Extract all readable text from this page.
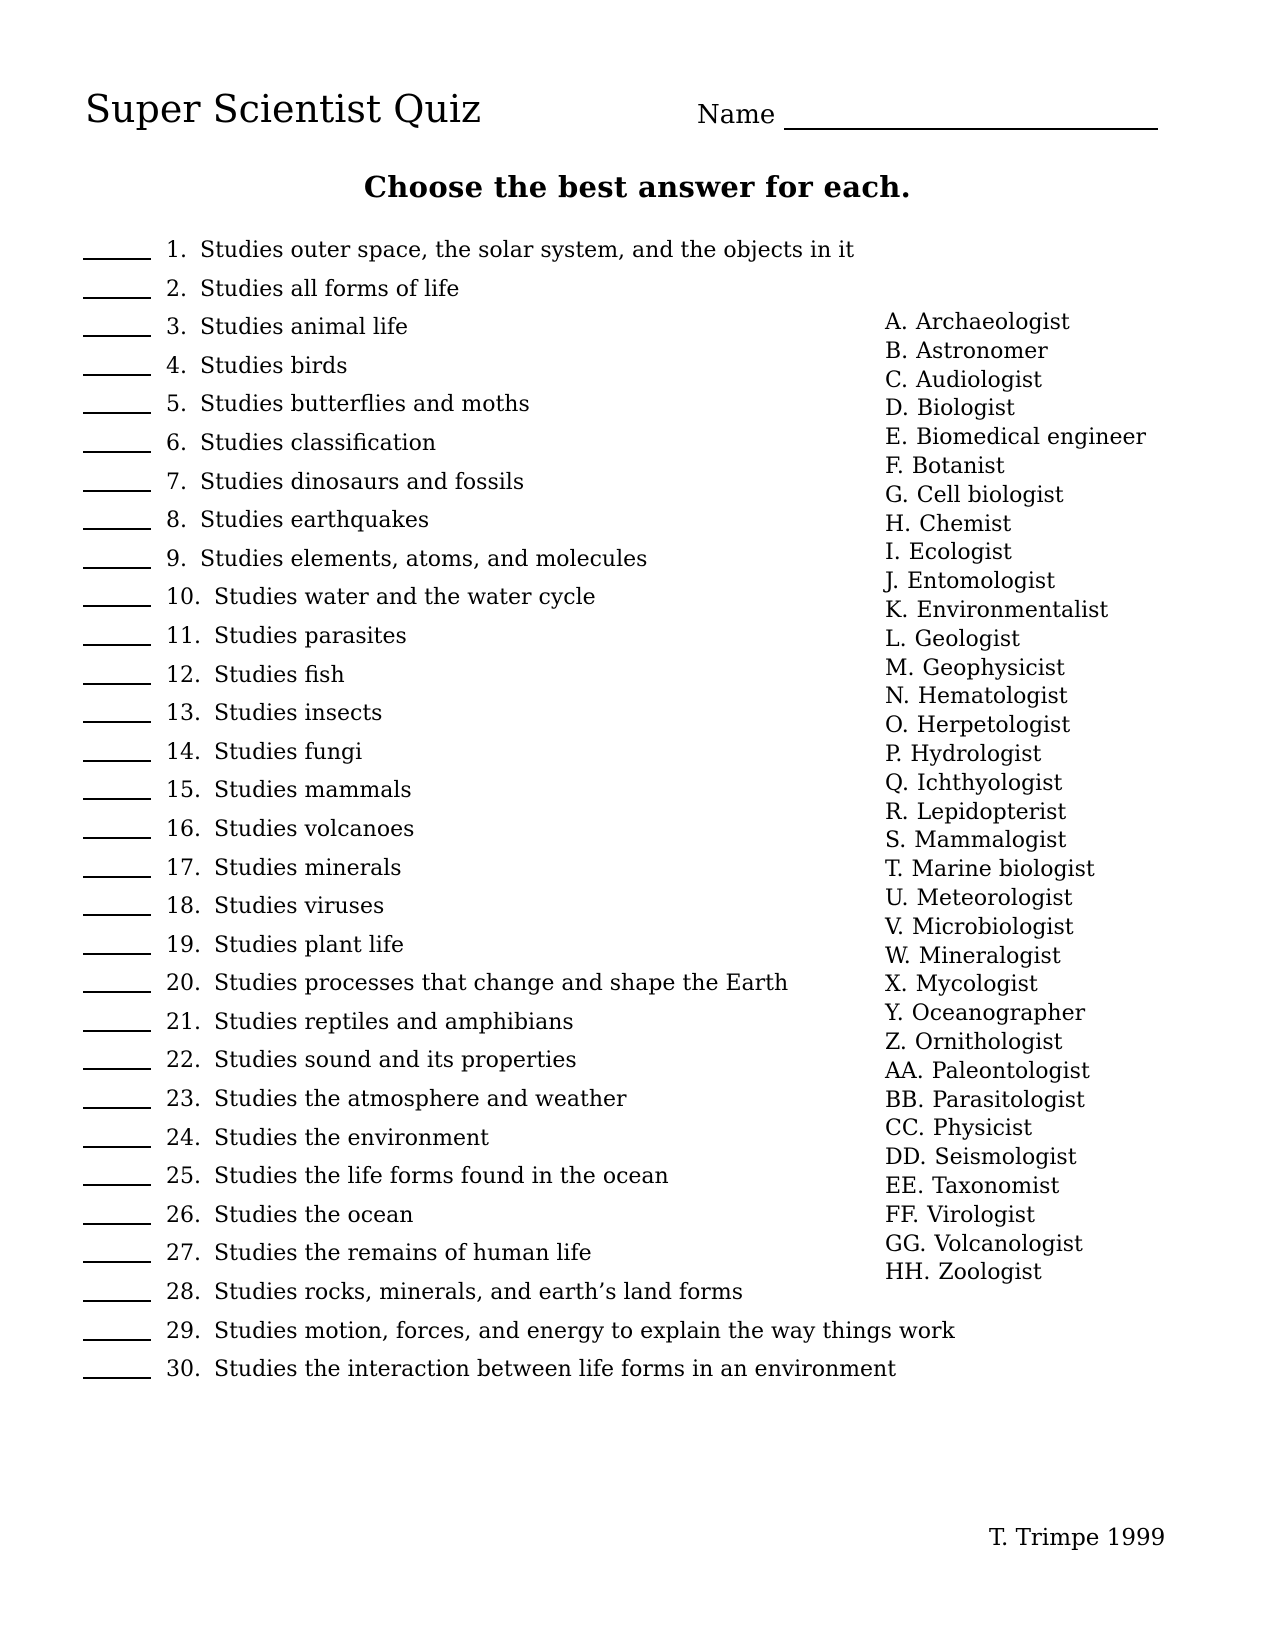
Super Scientist Quiz	Name
Choose the best answer for each.
1. Studies outer space, the solar system, and the objects in it
2. Studies all forms of life
3. Studies animal life
4. Studies birds
5. Studies butterflies and moths
6. Studies classification
7. Studies dinosaurs and fossils
8. Studies earthquakes
9. Studies elements, atoms, and molecules
10. Studies water and the water cycle
11. Studies parasites
12. Studies fish
13. Studies insects
14. Studies fungi
15. Studies mammals
16. Studies volcanoes
17. Studies minerals
18. Studies viruses
19. Studies plant life
20. Studies processes that change and shape the Earth
21. Studies reptiles and amphibians
22. Studies sound and its properties
23. Studies the atmosphere and weather
24. Studies the environment
25. Studies the life forms found in the ocean
26. Studies the ocean
27. Studies the remains of human life
28. Studies rocks, minerals, and earth’s land forms
29. Studies motion, forces, and energy to explain the way things work
30. Studies the interaction between life forms in an environment
A. Archaeologist
B. Astronomer
C. Audiologist
D. Biologist
E. Biomedical engineer
F. Botanist
G. Cell biologist
H. Chemist
I. Ecologist
J. Entomologist
K. Environmentalist
L. Geologist
M. Geophysicist
N. Hematologist
O. Herpetologist
P. Hydrologist
Q. Ichthyologist
R. Lepidopterist
S. Mammalogist
T. Marine biologist
U. Meteorologist
V. Microbiologist
W. Mineralogist
X. Mycologist
Y. Oceanographer
Z. Ornithologist
AA. Paleontologist
BB. Parasitologist
CC. Physicist
DD. Seismologist
EE. Taxonomist
FF. Virologist
GG. Volcanologist
HH. Zoologist
T. Trimpe 1999
